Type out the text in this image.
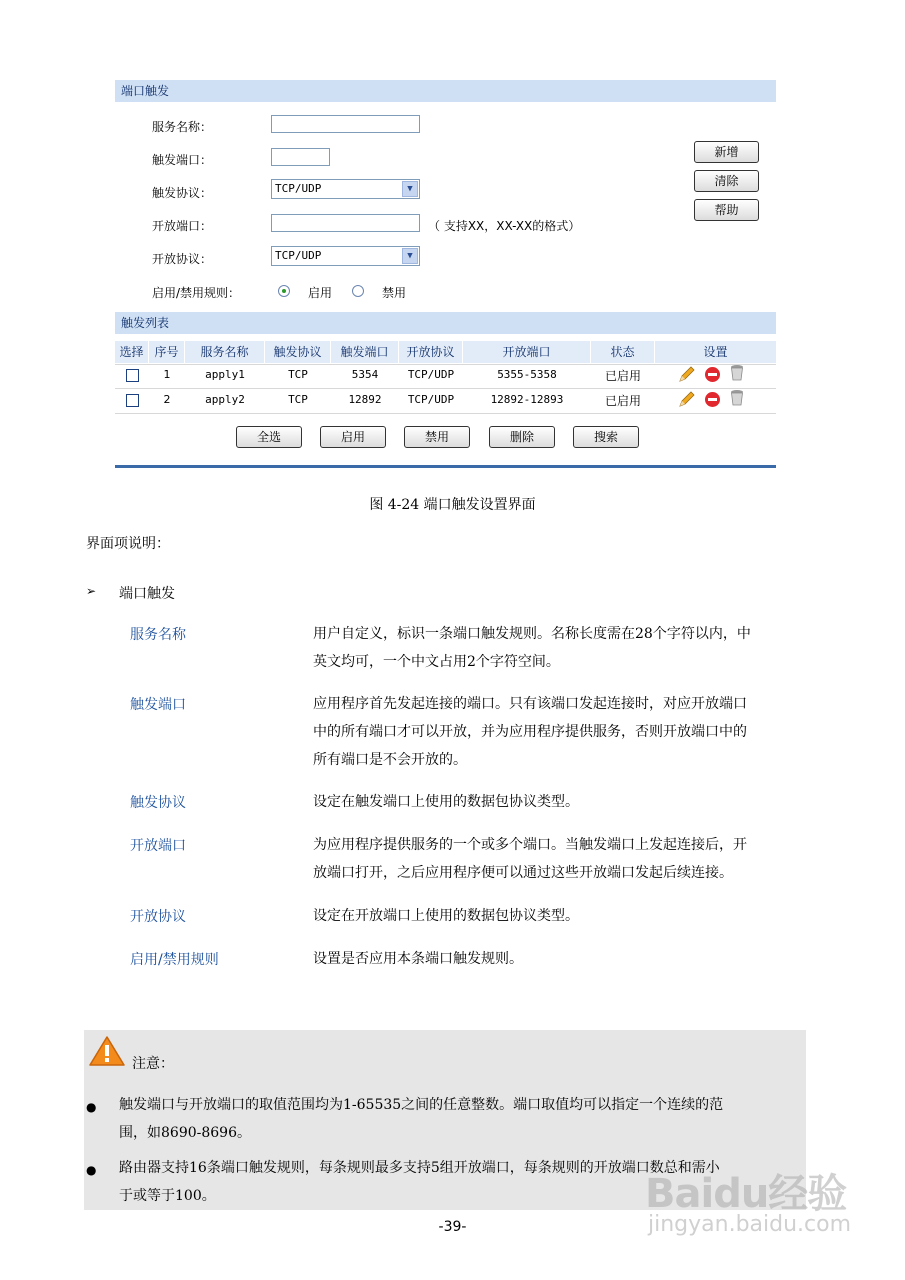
端口触发
服务名称：
触发端口：
触发协议：	TCP/UDP	▼
开放端口：	（ 支持XX，XX-XX的格式）
开放协议：	TCP/UDP	▼
启用/禁用规则：	启用	禁用
新增
清除
帮助
触发列表
选择 序号	服务名称	触发协议	触发端口	开放协议	开放端口	状态	设置
1	apply1	TCP	5354	TCP/UDP	5355-5358	已启用
2	apply2	TCP	12892	TCP/UDP	12892-12893	已启用
全选	启用	禁用	删除	搜索
图 4-24 端口触发设置界面
界面项说明：
➢ 端口触发
服务名称	用户自定义，标识一条端口触发规则。名称长度需在28个字符以内，中
英文均可，一个中文占用2个字符空间。
触发端口	应用程序首先发起连接的端口。只有该端口发起连接时，对应开放端口
中的所有端口才可以开放，并为应用程序提供服务，否则开放端口中的
所有端口是不会开放的。
触发协议	设定在触发端口上使用的数据包协议类型。
开放端口	为应用程序提供服务的一个或多个端口。当触发端口上发起连接后，开
放端口打开，之后应用程序便可以通过这些开放端口发起后续连接。
开放协议	设定在开放端口上使用的数据包协议类型。
启用/禁用规则	设置是否应用本条端口触发规则。
注意：
● 触发端口与开放端口的取值范围均为1-65535之间的任意整数。端口取值均可以指定一个连续的范
围，如8690-8696。
● 路由器支持16条端口触发规则，每条规则最多支持5组开放端口，每条规则的开放端口数总和需小
于或等于100。
-39-
Baidu经验
jingyan.baidu.com
